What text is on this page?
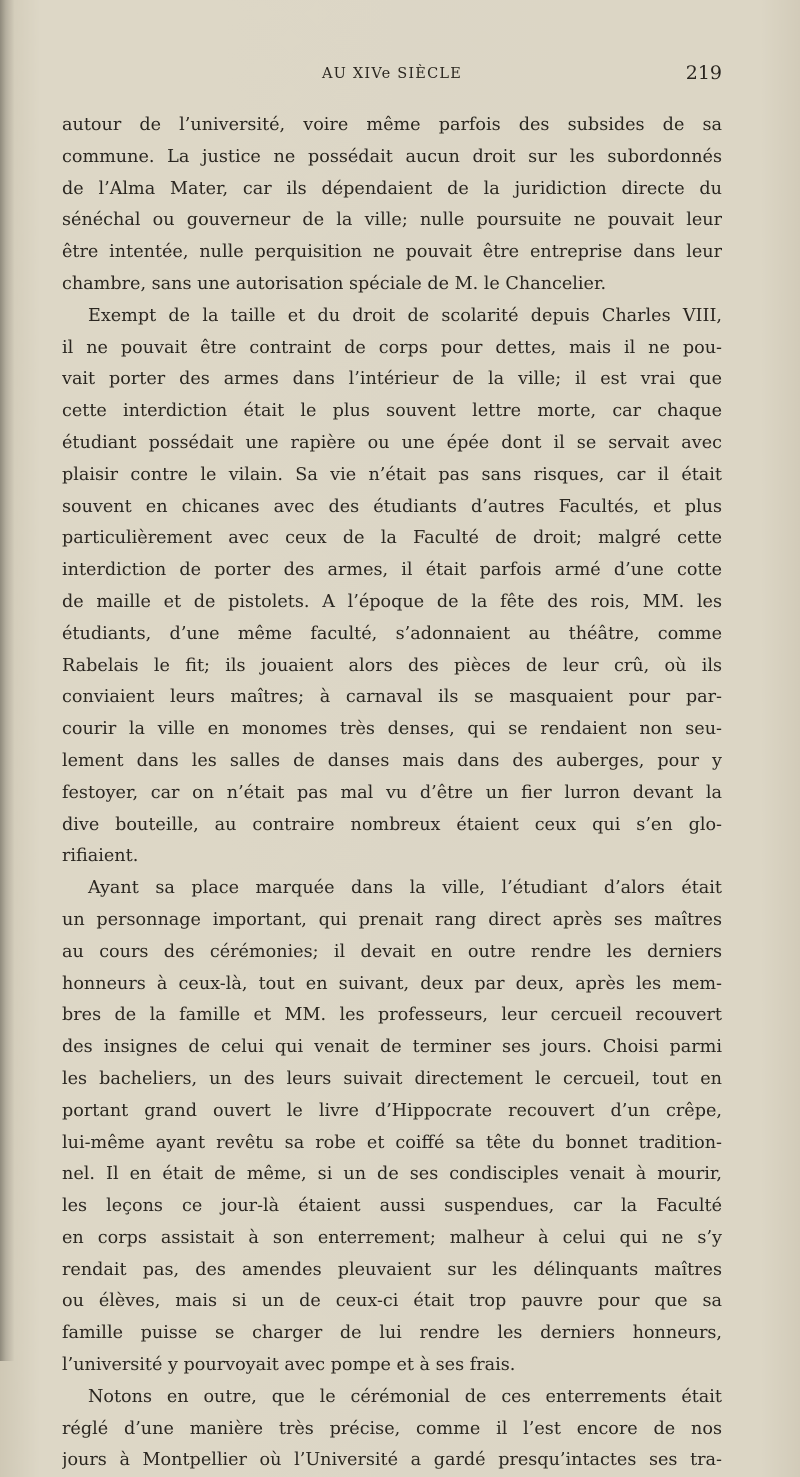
AU XIVe SIÈCLE	219
autour de l’université, voire même parfois des subsides de sa
commune. La justice ne possédait aucun droit sur les subordonnés
de l’Alma Mater, car ils dépendaient de la juridiction directe du
sénéchal ou gouverneur de la ville; nulle poursuite ne pouvait leur
être intentée, nulle perquisition ne pouvait être entreprise dans leur
chambre, sans une autorisation spéciale de M. le Chancelier.
Exempt de la taille et du droit de scolarité depuis Charles VIII,
il ne pouvait être contraint de corps pour dettes, mais il ne pou-
vait porter des armes dans l’intérieur de la ville; il est vrai que
cette interdiction était le plus souvent lettre morte, car chaque
étudiant possédait une rapière ou une épée dont il se servait avec
plaisir contre le vilain. Sa vie n’était pas sans risques, car il était
souvent en chicanes avec des étudiants d’autres Facultés, et plus
particulièrement avec ceux de la Faculté de droit; malgré cette
interdiction de porter des armes, il était parfois armé d’une cotte
de maille et de pistolets. A l’époque de la fête des rois, MM. les
étudiants, d’une même faculté, s’adonnaient au théâtre, comme
Rabelais le fit; ils jouaient alors des pièces de leur crû, où ils
conviaient leurs maîtres; à carnaval ils se masquaient pour par-
courir la ville en monomes très denses, qui se rendaient non seu-
lement dans les salles de danses mais dans des auberges, pour y
festoyer, car on n’était pas mal vu d’être un fier lurron devant la
dive bouteille, au contraire nombreux étaient ceux qui s’en glo-
rifiaient.
Ayant sa place marquée dans la ville, l’étudiant d’alors était
un personnage important, qui prenait rang direct après ses maîtres
au cours des cérémonies; il devait en outre rendre les derniers
honneurs à ceux-là, tout en suivant, deux par deux, après les mem-
bres de la famille et MM. les professeurs, leur cercueil recouvert
des insignes de celui qui venait de terminer ses jours. Choisi parmi
les bacheliers, un des leurs suivait directement le cercueil, tout en
portant grand ouvert le livre d’Hippocrate recouvert d’un crêpe,
lui-même ayant revêtu sa robe et coiffé sa tête du bonnet tradition-
nel. Il en était de même, si un de ses condisciples venait à mourir,
les leçons ce jour-là étaient aussi suspendues, car la Faculté
en corps assistait à son enterrement; malheur à celui qui ne s’y
rendait pas, des amendes pleuvaient sur les délinquants maîtres
ou élèves, mais si un de ceux-ci était trop pauvre pour que sa
famille puisse se charger de lui rendre les derniers honneurs,
l’université y pourvoyait avec pompe et à ses frais.
Notons en outre, que le cérémonial de ces enterrements était
réglé d’une manière très précise, comme il l’est encore de nos
jours à Montpellier où l’Université a gardé presqu’intactes ses tra-
